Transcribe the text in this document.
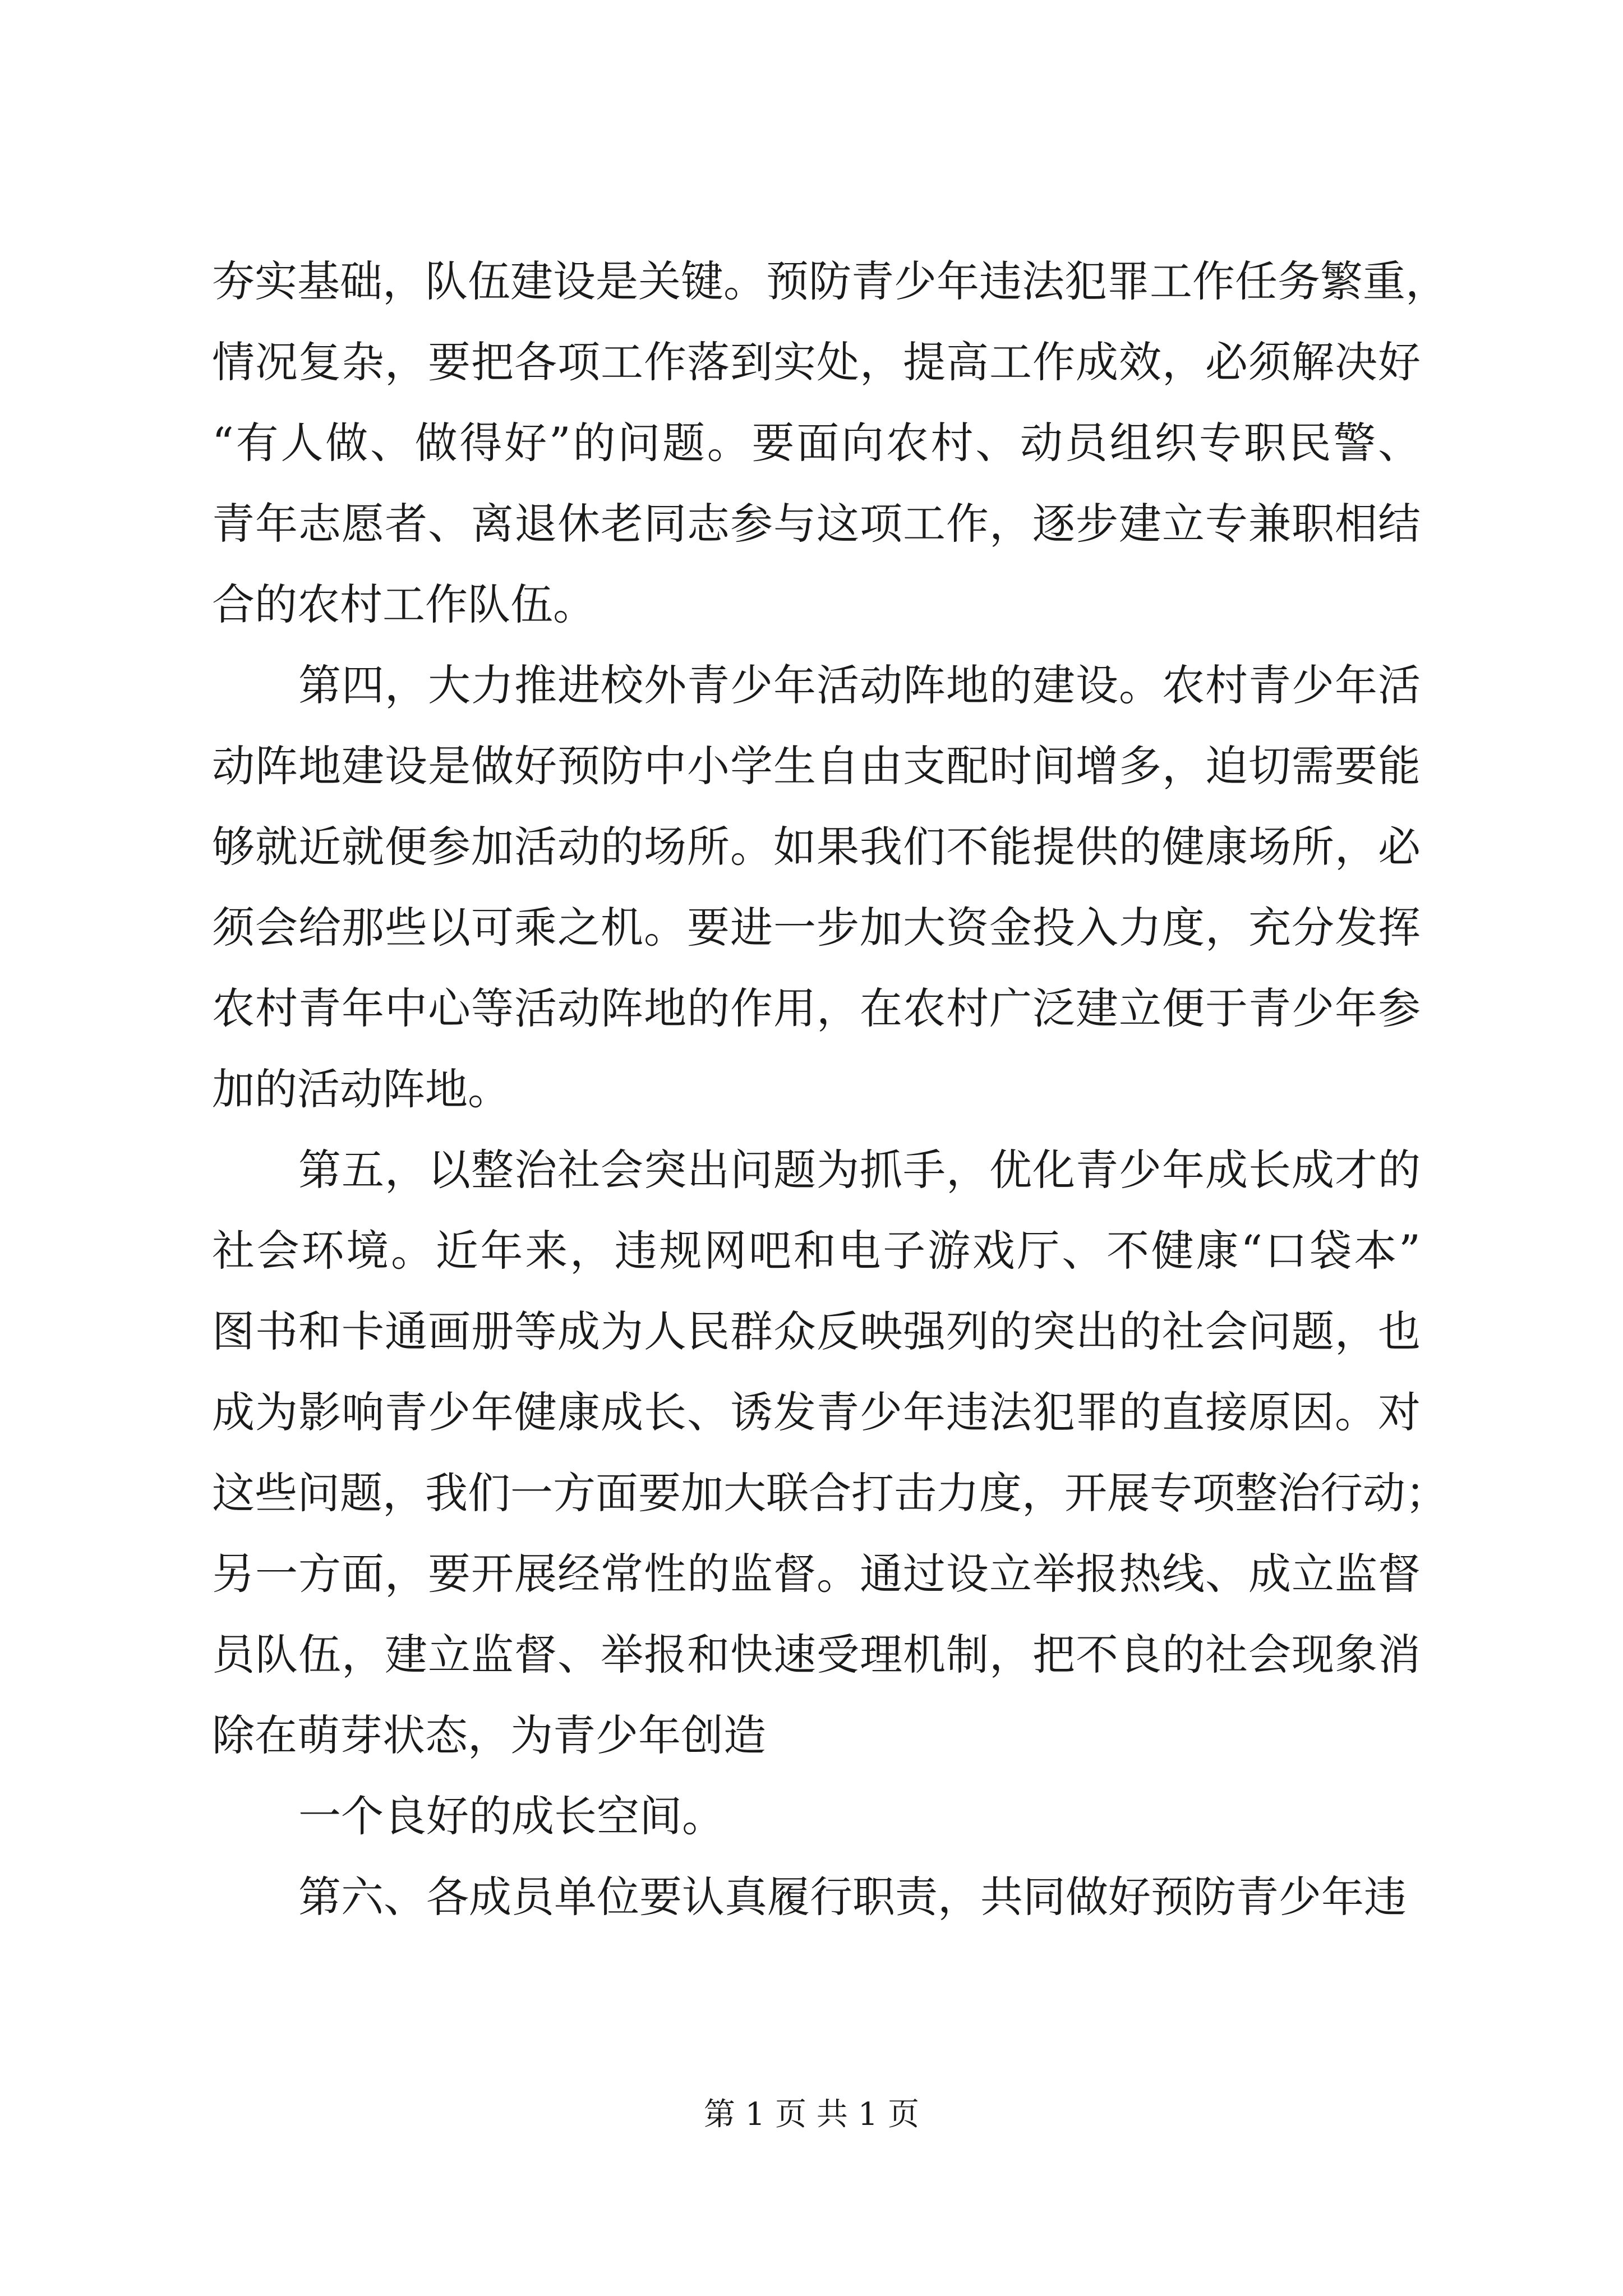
夯实基础，队伍建设是关键。预防青少年违法犯罪工作任务繁重，
情况复杂，要把各项工作落到实处，提高工作成效，必须解决好
“有人做、做得好”的问题。要面向农村、动员组织专职民警、
青年志愿者、离退休老同志参与这项工作，逐步建立专兼职相结
合的农村工作队伍。
第四，大力推进校外青少年活动阵地的建设。农村青少年活
动阵地建设是做好预防中小学生自由支配时间增多，迫切需要能
够就近就便参加活动的场所。如果我们不能提供的健康场所，必
须会给那些以可乘之机。要进一步加大资金投入力度，充分发挥
农村青年中心等活动阵地的作用，在农村广泛建立便于青少年参
加的活动阵地。
第五，以整治社会突出问题为抓手，优化青少年成长成才的
社会环境。近年来，违规网吧和电子游戏厅、不健康“口袋本”
图书和卡通画册等成为人民群众反映强列的突出的社会问题，也
成为影响青少年健康成长、诱发青少年违法犯罪的直接原因。对
这些问题，我们一方面要加大联合打击力度，开展专项整治行动；
另一方面，要开展经常性的监督。通过设立举报热线、成立监督
员队伍，建立监督、举报和快速受理机制，把不良的社会现象消
除在萌芽状态，为青少年创造
一个良好的成长空间。
第六、各成员单位要认真履行职责，共同做好预防青少年违
第 1 页 共 1 页
